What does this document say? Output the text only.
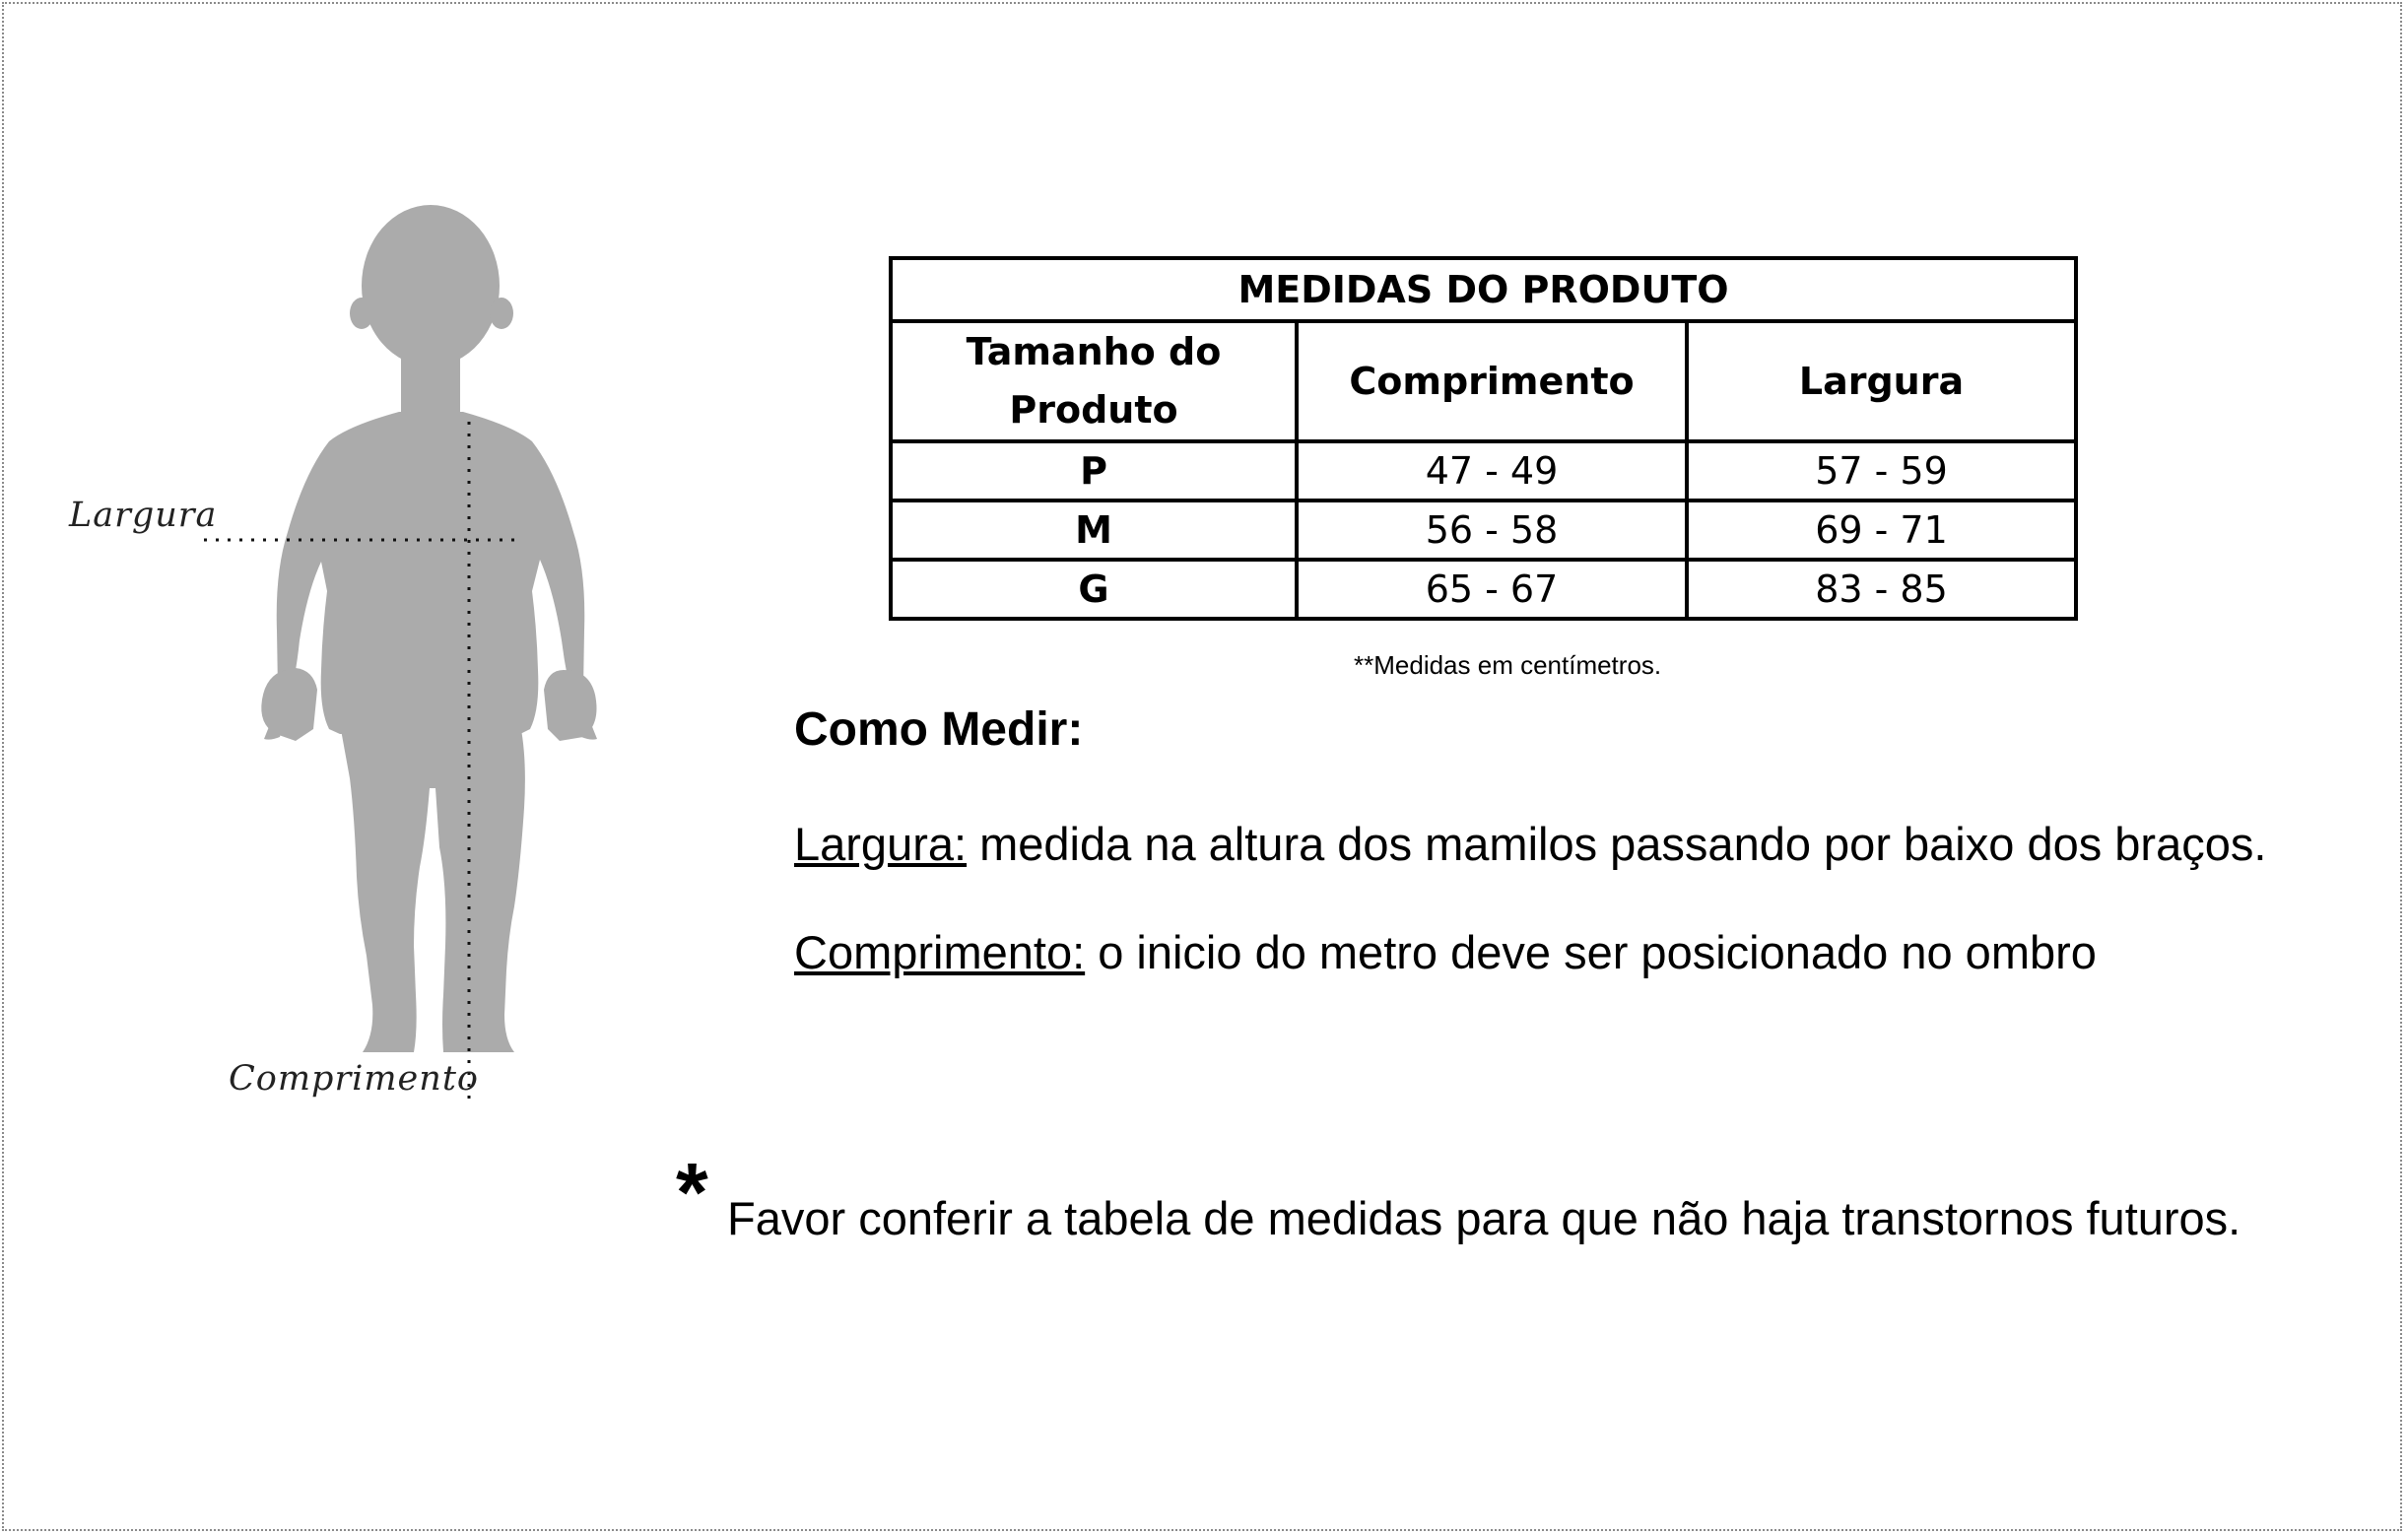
Largura
Comprimento
MEDIDAS DO PRODUTO		
Tamanho do Produto	Comprimento	Largura
P	47 - 49	57 - 59
M	56 - 58	69 - 71
G	65 - 67	83 - 85
**Medidas em centímetros.
Como Medir:
Largura: medida na altura dos mamilos passando por baixo dos braços.
Comprimento: o inicio do metro deve ser posicionado no ombro
* Favor conferir a tabela de medidas para que não haja transtornos futuros.
